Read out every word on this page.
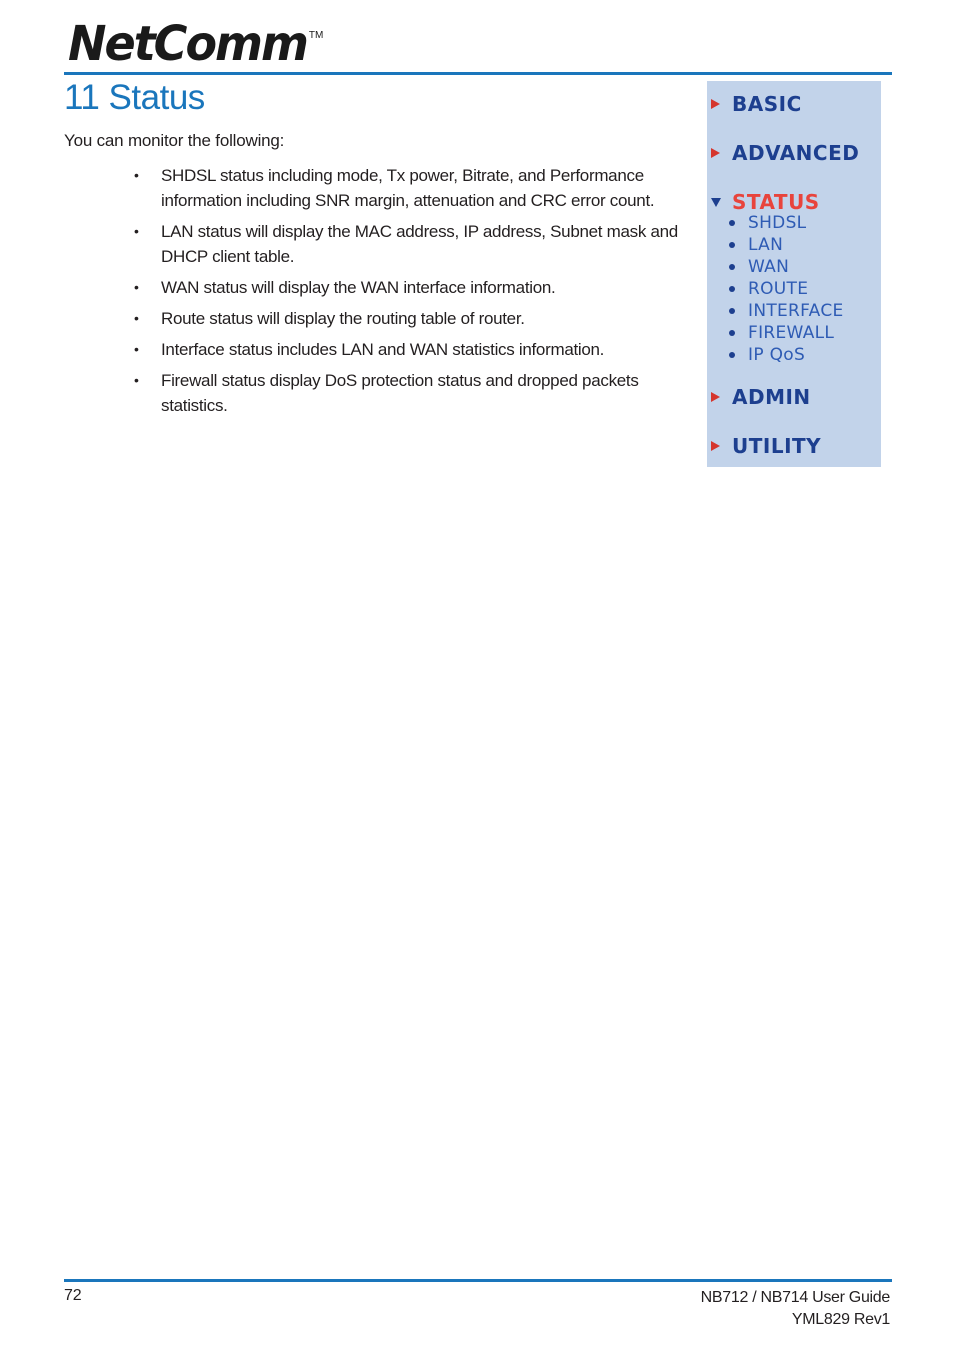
NetComm TM
11 Status

You can monitor the following:

• SHDSL status including mode, Tx power, Bitrate, and Performance information including SNR margin, attenuation and CRC error count.
• LAN status will display the MAC address, IP address, Subnet mask and DHCP client table.
• WAN status will display the WAN interface information.
• Route status will display the routing table of router.
• Interface status includes LAN and WAN statistics information.
• Firewall status display DoS protection status and dropped packets statistics.
BASIC
ADVANCED
STATUS
SHDSL
LAN
WAN
ROUTE
INTERFACE
FIREWALL
IP QoS
ADMIN
UTILITY
72	NB712 / NB714 User Guide
YML829 Rev1
